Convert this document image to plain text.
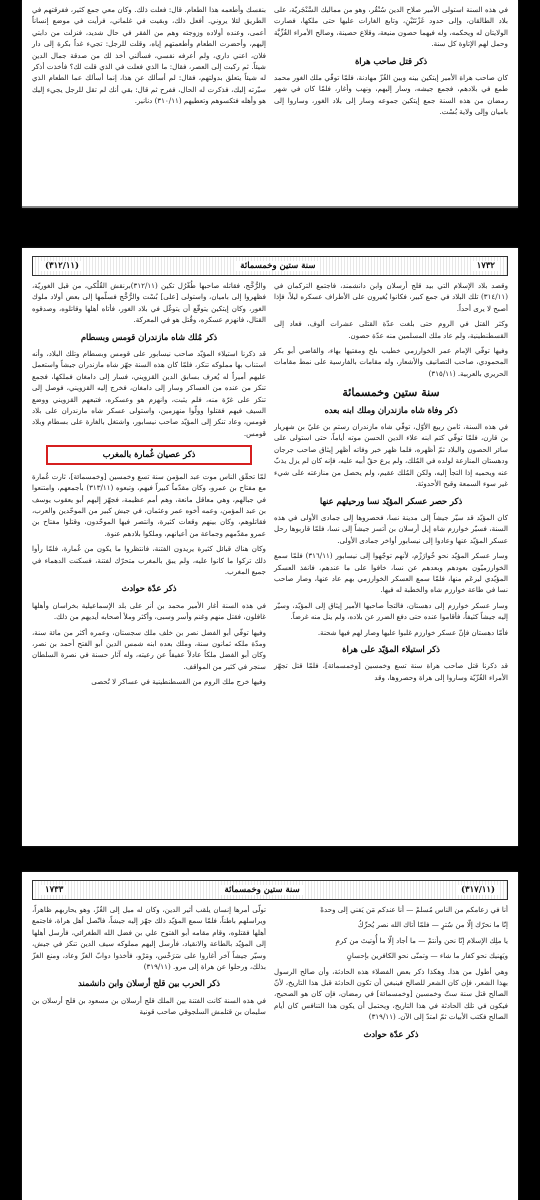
بنفسك وأطعمه هذا الطعام. قال: فعلت ذلك. وكان معي جمع كثير، ففرقتهم في الطريق لئلا يروني. أفعل ذلك، وبقيت في غلماني، فرأيت في موضع إنساناً أعمى، وعنده أولاده وزوجته وهم من الفقر في حال شديد، فنزلت من دابتي إليهم، وأحضرت الطعام وأطعمتهم إياه، وقلت للرجل: تجيء غداً بكرة إلى دار فلان، اعني داري، ولم أعرفه نفسي، فسألني أخذ لك من صدقة جمال الدين شيئاً. ثم ركبت إلى العصر، فقال: ما الذي فعلت في الذي قلت لك؟ فأخذت أذكر له شيئاً يتعلق بدولتهم، فقال: لم أسألك عن هذا، إنما أسألك عما الطعام الذي سيّرته إليك، فذكرت له الحال، ففرح ثم قال: بقي أنك لم تقل للرجل يجيء إليك هو وأهله فتكسوهم وتعطيهم (٣١٠/١١) دنانير.

في هذه السنة استولى الأمير صلاح الدين سُنْقُر، وهو من مماليك السَّنْجَريّة، على بلاد الطالقان، وإلى حدود غَزْنَتَيْنِ، وتابع الغارات عليها حتى ملكها، فصارت الولايتان له ويحكمه، وله فيهما حصون منيعة، وقلاع حصينة، وصالح الأمراء الغُزِّيَّة وحمل لهم الإتاوة كل سنة.

ذكر قتل صاحب هراة

كان صاحب هراة الأمير إيتكين بينه وبين الغُزّ مهادنة، فلمّا توفّي ملك الغور محمد طمع في بلادهم، فجمع جيشه، وسار إليهم، ونهب وأغار، فلمّا كان في شهر رمضان من هذه السنة جمع إيتكين جموعه وسار إلى بلاد الغور، وساروا إلى باميان وإلى ولاية بُسْت.

(٣١٢/١١)	سنة ستين وخمسمائة	١٧٣٢

والرُّخَّج، فقاتله صاحبها طُغْرُل تكين (٣١٢/١١)برنقش القُلْكي، من قبل الغوريّة، فظهروا إلى باميان، واستولى [على] بُسْت والرُّخَّج فسلّمها إلى بعض أولاد ملوك الغور، وكان إيتكين يتوقّع أن يتوغّل في بلاد الغور، فأتاه أهلها وقاتلوه، وصدقوه القتال، فانهزم عسكره، وقُتل هو في المعركة.

ذكر مُلك شاه مازندران قومس وبسطام

قد ذكرنا استيلاء المؤيّد صاحب نيسابور على قومس وبسطام وتلك البلاد، وأنه استناب بها مملوكه تنكز، فلمّا كان هذه السنة جهّز شاه مازندران جيشاً واستعمل عليهم أميراً له يُعرف بسابق الدين القزويني، فسار إلى دامغان فملكها، فجمع تنكز من عنده من العساكر وسار إلى دامغان، فخرج إليه القزويني، فوصل إلى تنكز على غرّة منه، فلم يثبت، وانهزم هو وعسكره، فتبعهم القزويني ووضع السيف فيهم فقتلوا وولّوا منهزمين، واستولى عسكر شاه مازندران على بلاد قومس، وعاد تنكز إلى المؤيّد صاحب نيسابور، واشتغل بالغارة على بسطام وبلاد قومس.

ذكر عصيان غُمارة بالمغرب

لمّا تحقّق الناس موت عبد المؤمن سنة تسع وخمسين [وخمسمائة]، ثارت غُمارة مع مفتاح بن عمرو، وكان مقدّماً كبيراً فيهم، وتبعوه (٣١٣/١١) بأجمعهم، وامتنعوا في جبالهم، وهي معاقل مانعة، وهم أمم عظيمة، فجهّز إليهم أبو يعقوب يوسف بن عبد المؤمن، وعمه أخوه عمر وعثمان، في جيش كبير من الموحّدين والعرب، فقاتلوهم، وكان بينهم وقعات كثيرة، وانتصر فيها الموحّدون، وقتلوا مفتاح بن عمرو مقدّمهم وجماعة من أعيانهم، وملكوا بلادهم عنوة.

وكان هناك قبائل كثيرة يريدون الفتنة، فانتظروا ما يكون من غُمارة، فلمّا رأوا ذلك تركوا ما كانوا عليه، ولم يبق بالمغرب متحرّك لفتنة، فسكنت الدهماء في جميع المغرب.

ذكر عدّة حوادث

في هذه السنة أغار الأمير محمد بن أنر على بلد الإسماعيلية بخراسان وأهلها غافلون، فقتل منهم وغنم وأسر وسبى، وأكثر وملأ أصحابه أيديهم من ذلك.

وفيها توفّي أبو الفضل نصر بن خلف ملك سجستان، وعمره أكثر من مائة سنة، ومدّة ملكه ثمانون سنة، وملك بعده ابنه شمس الدين أبو الفتح أحمد بن نصر، وكان أبو الفضل ملكاً عادلاً عفيفاً عن رعيته، وله آثار حسنة في نصرة السلطان سنجر في كثير من المواقف.

وفيها خرج ملك الروم من القسطنطينية في عساكر لا تُحصى

وقصد بلاد الإسلام التي بيد قلج أرسلان وابن دانشمند، فاجتمع التركمان في (٣١٤/١١) تلك البلاد في جمع كبير، فكانوا يُغيرون على الأطراف عسكره ليلاً، فإذا أصبح لا يرى أحداً.

وكثر القتل في الروم حتى بلغت عدّة القتلى عشرات ألوف، فعاد إلى القسطنطينية، ولم عاد ملك المسلمين منه عدّة حصون.

وفيها توفّي الإمام عمر الخوارزمي خطيب بلخ ومفتيها بهاء، والقاضي أبو بكر المحمودي، صاحب التصانيف والأشعار، وله مقامات بالفارسية على نمط مقامات الحريري بالعربية. (٣١٥/١١)

سنة ستين وخمسمائة
ذكر وفاة شاه مازندران وملك ابنه بعده

في هذه السنة، ثامن ربيع الأوّل، توفّي شاه مازندران رستم بن عليّ بن شهريار بن قارن، فلمّا توفّي كتم ابنه علاء الدين الحسن موته أياماً، حتى استولى على سائر الحصون والبلاد ثمّ أظهره، فلما ظهر خبر وفاته أظهر إيثاق صاحب جرجان ودهستان المنازعة لولده في المُلك، ولم يرع حقّ أبيه عليه، فإنه كان لم يزل يذبّ عنه ويحميه إذا التجأ إليه، ولكن المُلك عقيم، ولم يحصل من منازعته على شيء غير سوء السمعة وقبح الأحدوثة.

ذكر حصر عسكر المؤيّد نسا ورحيلهم عنها

كان المؤيّد قد سيّر جيشاً إلى مدينة نسا، فحصروها إلى جمادى الأولى في هذه السنة، فسيّر خوارزم شاه إيل أرسلان بن أتسز جيشاً إلى نسا، فلمّا قاربوها رحل عسكر المؤيّد عنها وعادوا إلى نيسابور أواخر جمادى الأولى.

وسار عسكر المؤيّد نحو خُوارَزْم، لأنهم توجّهوا إلى نيسابور (٣١٦/١١) فلمّا سمع الخوارزميّون بعودهم وبعدهم عن نسا، خافوا على ما عندهم، فانفذ العسكر المؤيّدي ليرعَم منها، فلمّا سمع العسكر الخوارزمي بهم عاد عنها، وصار صاحب نسا في طاعة خوارزم شاه والخطبة له فيها.

وسار عسكر خوارزم إلى دهستان، فالتجأ صاحبها الأمير إيثاق إلى المؤيّد، وسيّر إليه جيشاً كثيفاً، فأقاموا عنده حتى دفع الضرر عن بلاده، ولم ينل منه غرضاً.

فأمّا دهستان فإنّ عسكر خوارزم غلبوا عليها وصار لهم فيها شحنة.

ذكر استيلاء المؤيّد على هراة

قد ذكرنا قتل صاحب هراة سنة تسع وخمسين [وخمسمائة]، فلمّا قتل تجهّز الأمراء الغُزّيّة وساروا إلى هراة وحصروها، وقد

١٧٣٣	سنة ستين وخمسمائة	(٣١٧/١١)

تولّى أمرها إنسان يلقب أثير الدين، وكان له ميل إلى الغُزّ، وهو يحاربهم ظاهراً، ويراسلهم باطناً، فلمّا سمع المؤيّد ذلك جهّز إليه جيشاً، فاتّصل أهل هراة، فاجتمع أهلها فقتلوه، وقام مقامه أبو الفتوح علي بن فضل الله الطغرائي، فأرسل أهلها إلى المؤيّد بالطاعة والانقياد، فأرسل إليهم مملوكه سيف الدين تنكز في جيش، وسيّر جيشاً آخر أغاروا على سَرَخْس، ومَرْو، فأخذوا دوابّ الغزّ وعاد، ومنع الغزّ بذلك، ورحلوا عن هراة إلى مرو. (٣١٩/١١)

ذكر الحرب بين قلج أرسلان وابن دانشمند

في هذه السنة كانت الفتنة بين الملك قلج أرسلان بن مسعود بن قلج أرسلان بن سليمان بن قتلمش السلجوقي صاحب قونية

أنا في زعامكم من الناس مُسلمْ — أنا عندكم مَن يَفني إلى وحدهْ

إنّا ما نحرّك إلّا من سُترٍ — فلمّا أتاك الله نصر يُحرِّكُ

يا ملِك الإسلام إنّا نحن وأنتمْ — ما أجاد إلّا ما أُوتيتَ من كرمِ

ويَهنيك نحو كفار ما شاء — وتمنّى نحو الكافرين بإحسانٍ

وهي أطول من هذا. وهكذا ذكر بعض الفضلاء هذه الحادثة، وأن صالح الرسول بهذا الشعر، فإن كان الشعر للصالح فينبغي أن تكون الحادثة قبل هذا التاريخ، لأنّ الصالح قتل سنة ستّ وخمسين [وخمسمائة] في رمضان، فإن كان هو الصحيح، فيكون في تلك الحادثة في هذا التاريخ، ويحتمل أن يكون هذا التنافس كان أيام الصالح فكتب الأبيات ثمّ امتدّ إلى الآن. (٣١٩/١١)

ذكر عدّة حوادث
